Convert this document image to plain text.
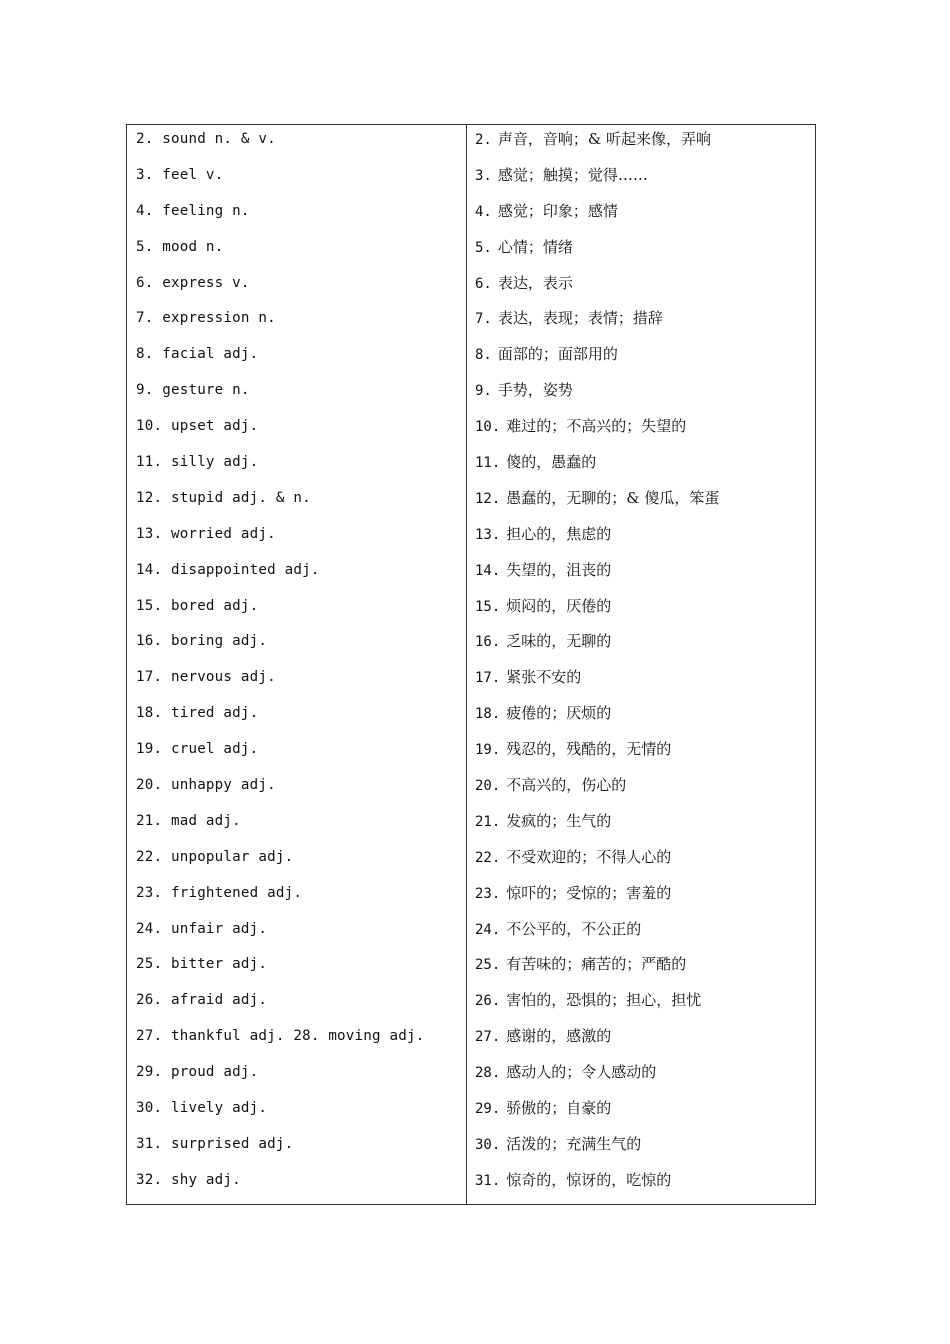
2. sound n. & v.
3. feel v.
4. feeling n.
5. mood n.
6. express v.
7. expression n.
8. facial adj.
9. gesture n.
10. upset adj.
11. silly adj.
12. stupid adj. & n.
13. worried adj.
14. disappointed adj.
15. bored adj.
16. boring adj.
17. nervous adj.
18. tired adj.
19. cruel adj.
20. unhappy adj.
21. mad adj.
22. unpopular adj.
23. frightened adj.
24. unfair adj.
25. bitter adj.
26. afraid adj.
27. thankful adj. 28. moving adj.
29. proud adj.
30. lively adj.
31. surprised adj.
32. shy adj.
2. 声音，音响；& 听起来像，弄响
3. 感觉；触摸；觉得……
4. 感觉；印象；感情
5. 心情；情绪
6. 表达，表示
7. 表达，表现；表情；措辞
8. 面部的；面部用的
9. 手势，姿势
10. 难过的；不高兴的；失望的
11. 傻的，愚蠢的
12. 愚蠢的，无聊的；& 傻瓜，笨蛋
13. 担心的，焦虑的
14. 失望的，沮丧的
15. 烦闷的，厌倦的
16. 乏味的，无聊的
17. 紧张不安的
18. 疲倦的；厌烦的
19. 残忍的，残酷的，无情的
20. 不高兴的，伤心的
21. 发疯的；生气的
22. 不受欢迎的；不得人心的
23. 惊吓的；受惊的；害羞的
24. 不公平的，不公正的
25. 有苦味的；痛苦的；严酷的
26. 害怕的，恐惧的；担心，担忧
27. 感谢的，感激的
28. 感动人的；令人感动的
29. 骄傲的；自豪的
30. 活泼的；充满生气的
31. 惊奇的，惊讶的，吃惊的
